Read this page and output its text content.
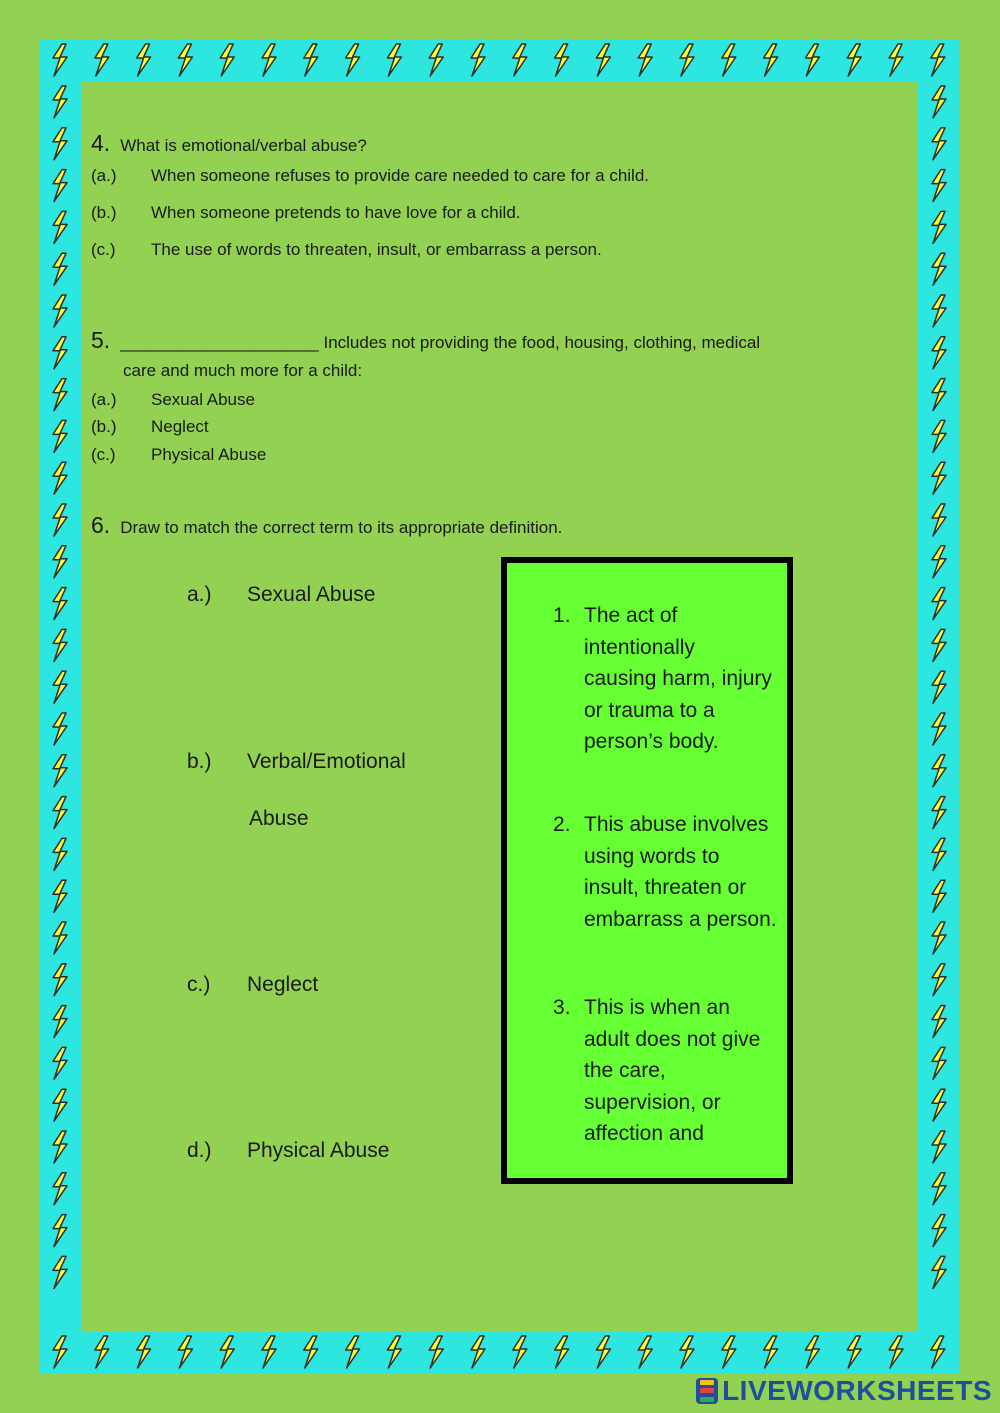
4. What is emotional/verbal abuse?
(a.) When someone refuses to provide care needed to care for a child.
(b.) When someone pretends to have love for a child.
(c.) The use of words to threaten, insult, or embarrass a person.
5. _____________________ Includes not providing the food, housing, clothing, medical
care and much more for a child:
(a.) Sexual Abuse
(b.) Neglect
(c.) Physical Abuse
6. Draw to match the correct term to its appropriate definition.
a.) Sexual Abuse
b.) Verbal/Emotional
Abuse
c.) Neglect
d.) Physical Abuse
1. The act of
intentionally
causing harm, injury
or trauma to a
person’s body.
2. This abuse involves
using words to
insult, threaten or
embarrass a person.
3. This is when an
adult does not give
the care,
supervision, or
affection and
LIVEWORKSHEETS
